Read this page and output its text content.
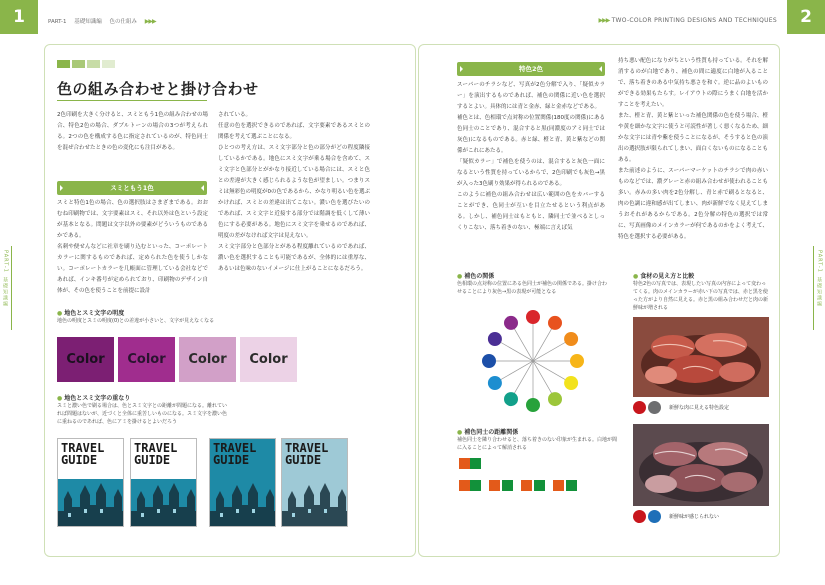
1	2
PART-1 基礎知識編 色の仕組み ▶▶▶	▶▶▶ TWO-COLOR PRINTING DESIGNS AND TECHNIQUES
PART-1
基礎知識編
PART-1
基礎知識編
色の組み合わせと掛け合わせ
2色印刷を大きく分けると、スミともう1色の組み合わせの場合、特色2色の場合、ダブルトーンの場合の3つが考えられる。2つの色を構成する色に指定されているのが、特色同士を混ぜ合わせたときの色の変化にも注目がある。
スミともう1色

スミと特色1色の場合、色の選択肢はさまざまである。おおむね印刷物では、文字要素はスミ、それ以外は色という設定が基本となる。問題は文字以外の要素がどういうものであるかである。

名刺や便せんなどに社章を刷り込むといった、コーポレートカラーに関するものであれば、定められた色を使うしかない。コーポレートカラーを几帳面に管理している会社などであれば、インキ番号が定められており、印刷物のデザイン自体が、その色を使うことを前提に設計

されている。

任意の色を選択できるのであれば、文字要素であるスミとの関係を考えて選ぶことになる。

ひとつの考え方は、スミ文字部分と色の部分がどの程度隣接しているかである。地色にスミ文字が乗る場合を含めて、スミ文字と色部分とがかなり接近している場合には、スミと色との差違が大きく感じられるような色が望ましい。つまりスミは無彩色の明度が0の色であるから、かなり明るい色を選ぶかければ、スミとの差違は出てこない。濃い色を選びたいのであれば、スミ文字と近接する部分では階調を低くして薄い色にする必要がある。地色にスミ文字を乗せるのであれば、明度の差がなければ文字は見えない。

スミ文字部分と色部分とがある程度離れているのであれば、濃い色を選択することも可能であるが、全体的には重厚な、あるいは色味のないイメージに仕上がることになるだろう。

● 地色とスミ文字の明度
地色の明度とスミの明度(0)との差違が小さいと、文字が見えなくなる
Color	Color	Color	Color
● 地色とスミ文字の重なり
スミと濃い色で刷る場合は、色とスミ文字との距離が問題になる。離れていれば問題はないが、近づくと全体に重苦しいものになる。スミ文字を濃い色に重ねるのであれば、色にアミを掛けるとよいだろう
TRAVEL GUIDE
TRAVEL GUIDE
TRAVEL GUIDE
TRAVEL GUIDE
特色2色

スーパーのチラシなど、写真が2色分解で入り、「疑似カラー」を演出するものであれば、補色の関係に近い色を選択するとよい。具体的には青と金赤、緑と金赤などである。

補色とは、色相環で点対称の位置関係(180度の関係)にある色同士のことであり、混合すると黒(同濃度のアミ同士では灰色)になるものである。赤と緑、橙と青、黄と紫などの関係がこれにあたる。

「疑似カラー」で補色を使うのは、混合すると灰色一面になるという性質を持っているからで、2色印刷でも灰色→黒が入った3色刷り効果が得られるのである。

このように補色の組み合わせは広い範囲の色をカバーすることができ、色同士が互いを目立たせるという利点がある。しかし、補色同士はもともと、隣同士で並べるとしっくりこない、落ち着きのない、極端に言えば気

持ち悪い配色になりがちという性質も持っている。それを解消するのが白地であり、補色の間に適度に白地が入ることで、落ち着きのある中気持ち悪さを和ぐ。逆に品のよいものができる効果もたらす。レイアウトの際にうまく白地を活かすことを考えたい。

また、橙と青、黄と紫といった補色関係の色を使う場合、橙や黄を細かな文字に使うと可読性が著しく悪くなるため、細かな文字には青や紫を使うことになるが、そうすると色の演出の選択肢が限られてしまい、面白くないものになることもある。

また前述のように、スーパーマーケットのチラシで肉の赤いものなどでは、濃グレーと赤の組み合わせが使われることも多い。赤みの多い肉を2色分解し、青と赤で刷るとなると、肉の色調に違和感が出てしまい、肉が新鮮でなく見えてしまうおそれがあるからである。2色分解の特色の選択では常に、写真画像のメインカラーが何であるのかをよく考えて、特色を選択する必要がある。

● 補色の関係
色相環の点対称の位置にある色同士が補色の関係である。掛け合わせることにより灰色→黒の表現が可能となる
● 補色同士の距離関係
補色同士を隣り合わせると、落ち着きのない印象が生まれる。白地が間に入ることによって解消される
● 食材の見え方と比較
特色2色の写真では、表現したい写真の内容によって変わってくる。肉のメインカラーが赤い下の写真では、赤と黒を使った方がより自然に見える。赤と黒の組み合わせだと肉の新鮮味が増される
新鮮な肉に見える特色設定
新鮮味が感じられない
